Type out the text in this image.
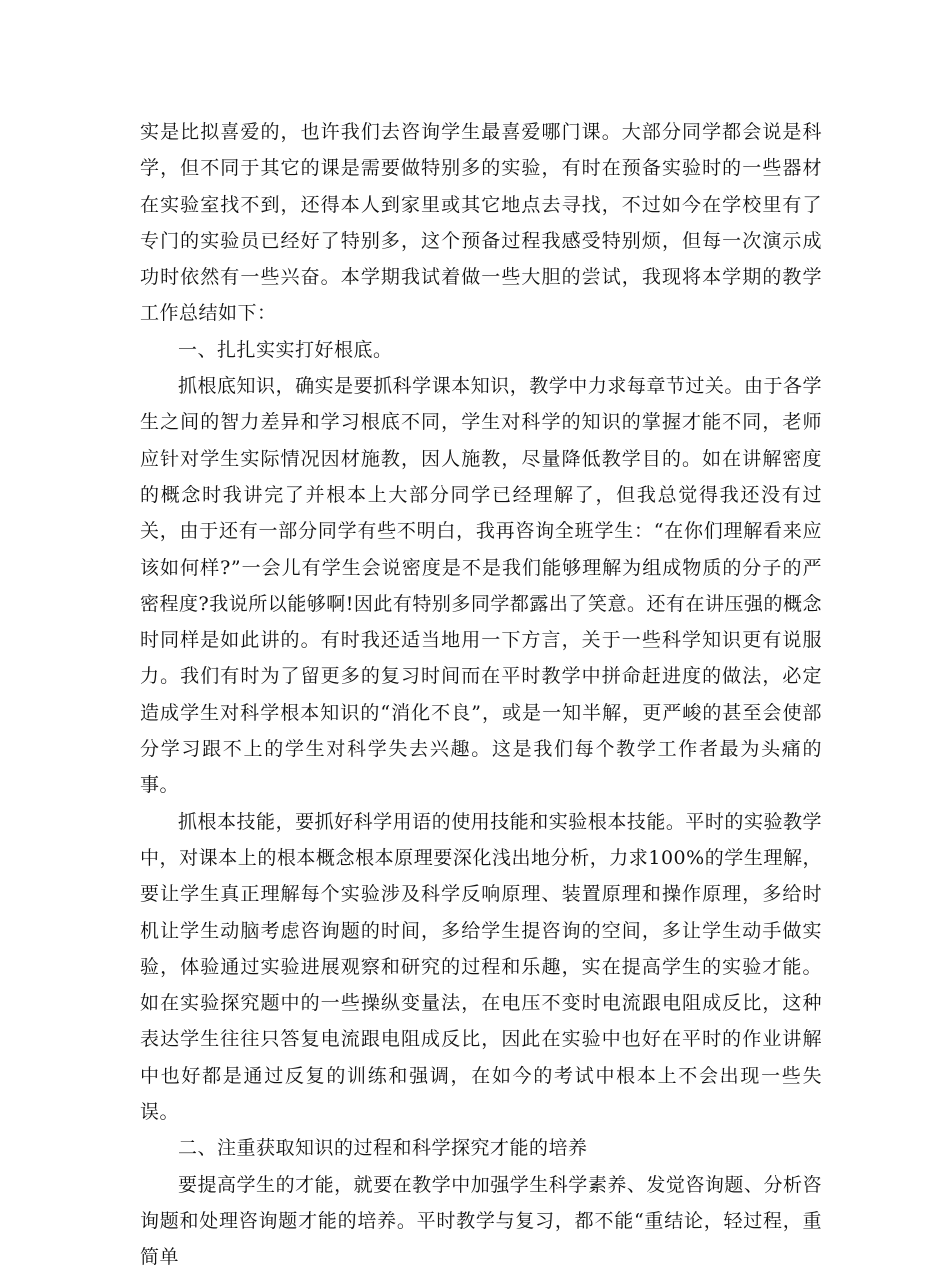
实是比拟喜爱的，也许我们去咨询学生最喜爱哪门课。大部分同学都会说是科学，但不同于其它的课是需要做特别多的实验，有时在预备实验时的一些器材在实验室找不到，还得本人到家里或其它地点去寻找，不过如今在学校里有了专门的实验员已经好了特别多，这个预备过程我感受特别烦，但每一次演示成功时依然有一些兴奋。本学期我试着做一些大胆的尝试，我现将本学期的教学工作总结如下：

一、扎扎实实打好根底。

抓根底知识，确实是要抓科学课本知识，教学中力求每章节过关。由于各学生之间的智力差异和学习根底不同，学生对科学的知识的掌握才能不同，老师应针对学生实际情况因材施教，因人施教，尽量降低教学目的。如在讲解密度的概念时我讲完了并根本上大部分同学已经理解了，但我总觉得我还没有过关，由于还有一部分同学有些不明白，我再咨询全班学生：“在你们理解看来应该如何样?”一会儿有学生会说密度是不是我们能够理解为组成物质的分子的严密程度?我说所以能够啊!因此有特别多同学都露出了笑意。还有在讲压强的概念时同样是如此讲的。有时我还适当地用一下方言，关于一些科学知识更有说服力。我们有时为了留更多的复习时间而在平时教学中拼命赶进度的做法，必定造成学生对科学根本知识的“消化不良”，或是一知半解，更严峻的甚至会使部分学习跟不上的学生对科学失去兴趣。这是我们每个教学工作者最为头痛的事。

抓根本技能，要抓好科学用语的使用技能和实验根本技能。平时的实验教学中，对课本上的根本概念根本原理要深化浅出地分析，力求100%的学生理解，要让学生真正理解每个实验涉及科学反响原理、装置原理和操作原理，多给时机让学生动脑考虑咨询题的时间，多给学生提咨询的空间，多让学生动手做实验，体验通过实验进展观察和研究的过程和乐趣，实在提高学生的实验才能。如在实验探究题中的一些操纵变量法，在电压不变时电流跟电阻成反比，这种表达学生往往只答复电流跟电阻成反比，因此在实验中也好在平时的作业讲解中也好都是通过反复的训练和强调，在如今的考试中根本上不会出现一些失误。

二、注重获取知识的过程和科学探究才能的培养

要提高学生的才能，就要在教学中加强学生科学素养、发觉咨询题、分析咨询题和处理咨询题才能的培养。平时教学与复习，都不能“重结论，轻过程，重简单
